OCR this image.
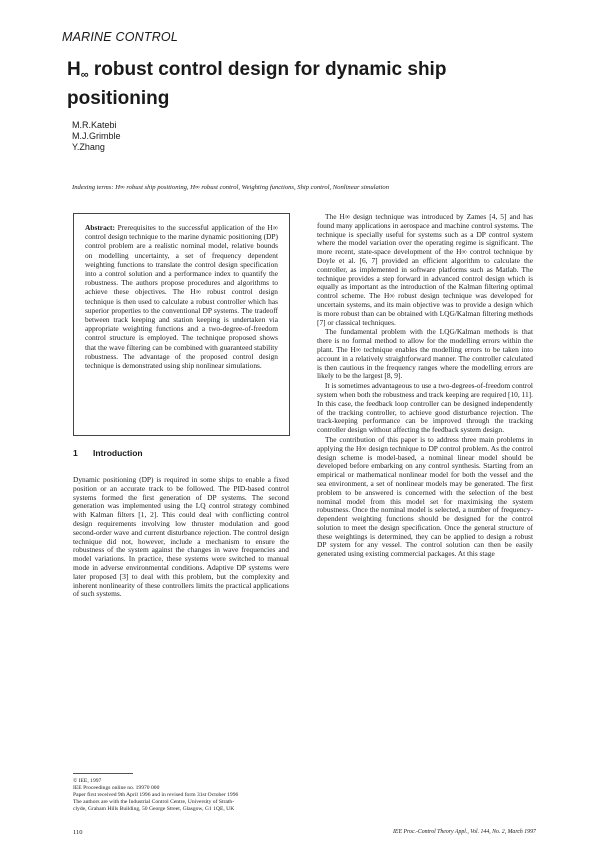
MARINE CONTROL
$H_\infty$ robust control design for dynamic ship positioning
M.R.Katebi
M.J.Grimble
Y.Zhang
Indexing terms: H∞ robust ship positioning, H∞ robust control, Weighting functions, Ship control, Nonlinear simulation

Abstract: Prerequisites to the successful application of the H∞ control design technique to the marine dynamic positioning (DP) control problem are a realistic nominal model, relative bounds on modelling uncertainty, a set of frequency dependent weighting functions to translate the control design specification into a control solution and a performance index to quantify the robustness. The authors propose procedures and algorithms to achieve these objectives. The H∞ robust control design technique is then used to calculate a robust controller which has superior properties to the conventional DP systems. The tradeoff between track keeping and station keeping is undertaken via appropriate weighting functions and a two-degree-of-freedom control structure is employed. The technique proposed shows that the wave filtering can be combined with guaranteed stability robustness. The advantage of the proposed control design technique is demonstrated using ship nonlinear simulations.

1 Introduction

Dynamic positioning (DP) is required in some ships to enable a fixed position or an accurate track to be followed. The PID-based control systems formed the first generation of DP systems. The second generation was implemented using the LQ control strategy combined with Kalman filters [1, 2]. This could deal with conflicting control design requirements involving low thruster modulation and good second-order wave and current disturbance rejection. The control design technique did not, however, include a mechanism to ensure the robustness of the system against the changes in wave frequencies and model variations. In practice, these systems were switched to manual mode in adverse environmental conditions. Adaptive DP systems were later proposed [3] to deal with this problem, but the complexity and inherent nonlinearity of these controllers limits the practical applications of such systems.

The H∞ design technique was introduced by Zames [4, 5] and has found many applications in aerospace and machine control systems. The technique is specially useful for systems such as a DP control system where the model variation over the operating regime is significant. The more recent, state-space development of the H∞ control technique by Doyle et al. [6, 7] provided an efficient algorithm to calculate the controller, as implemented in software platforms such as Matlab. The technique provides a step forward in advanced control design which is equally as important as the introduction of the Kalman filtering optimal control scheme. The H∞ robust design technique was developed for uncertain systems, and its main objective was to provide a design which is more robust than can be obtained with LQG/Kalman filtering methods [7] or classical techniques.

The fundamental problem with the LQG/Kalman methods is that there is no formal method to allow for the modelling errors within the plant. The H∞ technique enables the modelling errors to be taken into account in a relatively straightforward manner. The controller calculated is then cautious in the frequency ranges where the modelling errors are likely to be the largest [8, 9].

It is sometimes advantageous to use a two-degrees-of-freedom control system when both the robustness and track keeping are required [10, 11]. In this case, the feedback loop controller can be designed independently of the tracking controller, to achieve good disturbance rejection. The track-keeping performance can be improved through the tracking controller design without affecting the feedback system design.

The contribution of this paper is to address three main problems in applying the H∞ design technique to DP control problem. As the control design scheme is model-based, a nominal linear model should be developed before embarking on any control synthesis. Starting from an empirical or mathematical nonlinear model for both the vessel and the sea environment, a set of nonlinear models may be generated. The first problem to be answered is concerned with the selection of the best nominal model from this model set for maximising the system robustness. Once the nominal model is selected, a number of frequency-dependent weighting functions should be designed for the control solution to meet the design specification. Once the general structure of these weightings is determined, they can be applied to design a robust DP system for any vessel. The control solution can then be easily generated using existing commercial packages. At this stage

© IEE, 1997
IEE Proceedings online no. 19970 000
Paper first received 9th April 1996 and in revised form 31st October 1996
The authors are with the Industrial Control Centre, University of Strath-
clyde, Graham Hills Building, 50 George Street, Glasgow, G1 1QE, UK
110	IEE Proc.-Control Theory Appl., Vol. 144, No. 2, March 1997
